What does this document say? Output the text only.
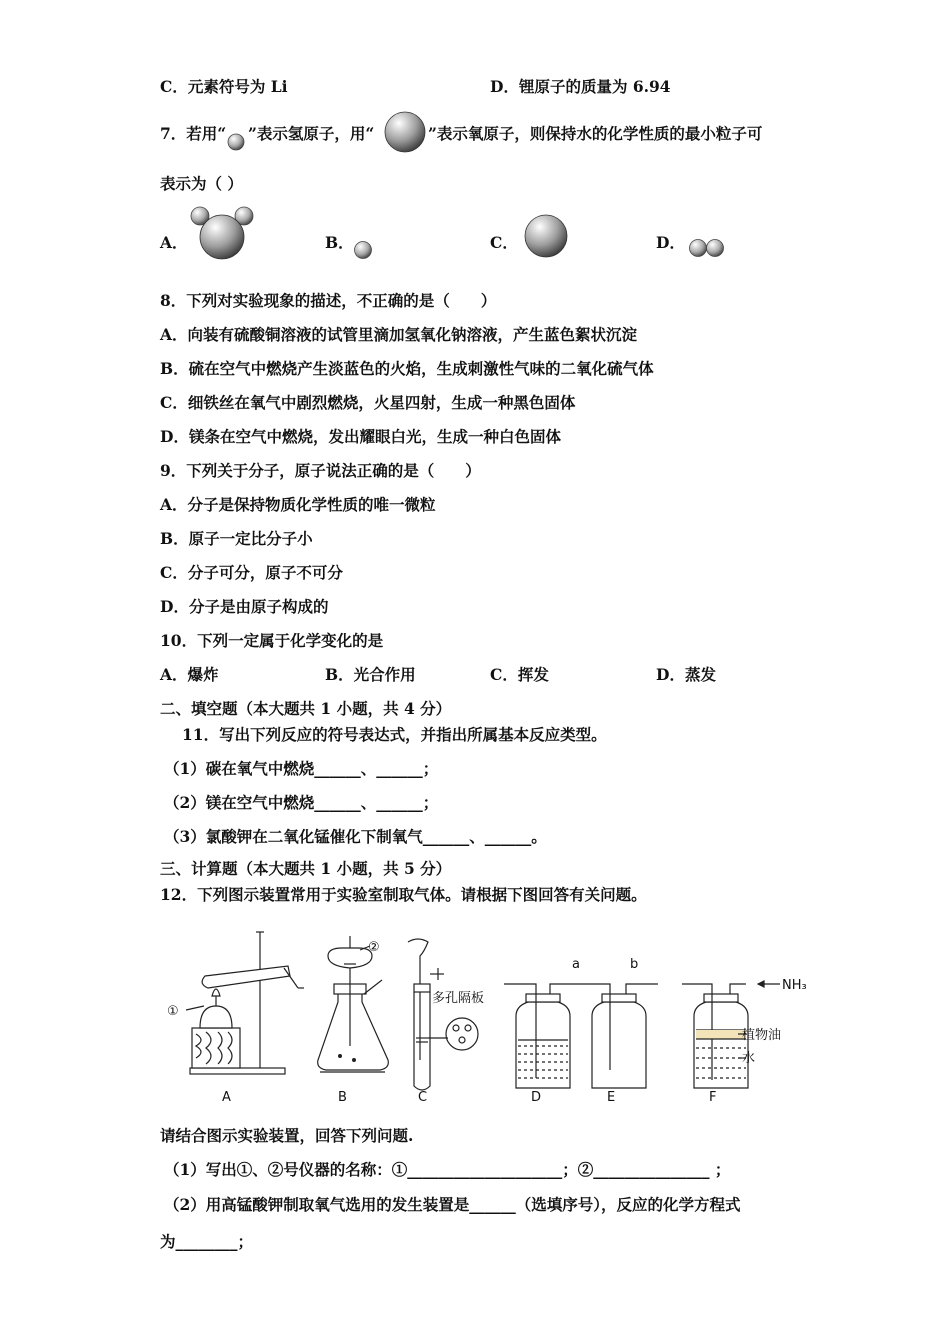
C．元素符号为 Li	D．锂原子的质量为 6.94
7．若用“ ”表示氢原子，用“	”表示氧原子，则保持水的化学性质的最小粒子可
表示为（ ）
A．	B．	C．	D．
8．下列对实验现象的描述，不正确的是（　　）
A．向装有硫酸铜溶液的试管里滴加氢氧化钠溶液，产生蓝色絮状沉淀
B．硫在空气中燃烧产生淡蓝色的火焰，生成刺激性气味的二氧化硫气体
C．细铁丝在氧气中剧烈燃烧，火星四射，生成一种黑色固体
D．镁条在空气中燃烧，发出耀眼白光，生成一种白色固体
9．下列关于分子，原子说法正确的是（　　）
A．分子是保持物质化学性质的唯一微粒
B．原子一定比分子小
C．分子可分，原子不可分
D．分子是由原子构成的
10．下列一定属于化学变化的是
A．爆炸	B．光合作用	C．挥发	D．蒸发
二、填空题（本大题共 1 小题，共 4 分）
11．写出下列反应的符号表达式，并指出所属基本反应类型。
（1）碳在氧气中燃烧______、______；
（2）镁在空气中燃烧______、______；
（3）氯酸钾在二氧化锰催化下制氧气______、______。
三、计算题（本大题共 1 小题，共 5 分）
12．下列图示装置常用于实验室制取气体。请根据下图回答有关问题。
①
②
多孔隔板
a	b
NH₃
植物油
水
A	B	C	D	E	F
请结合图示实验装置，回答下列问题.
（1）写出①、②号仪器的名称：①____________________；②_______________ ；
（2）用高锰酸钾制取氧气选用的发生装置是______（选填序号），反应的化学方程式
为________；
